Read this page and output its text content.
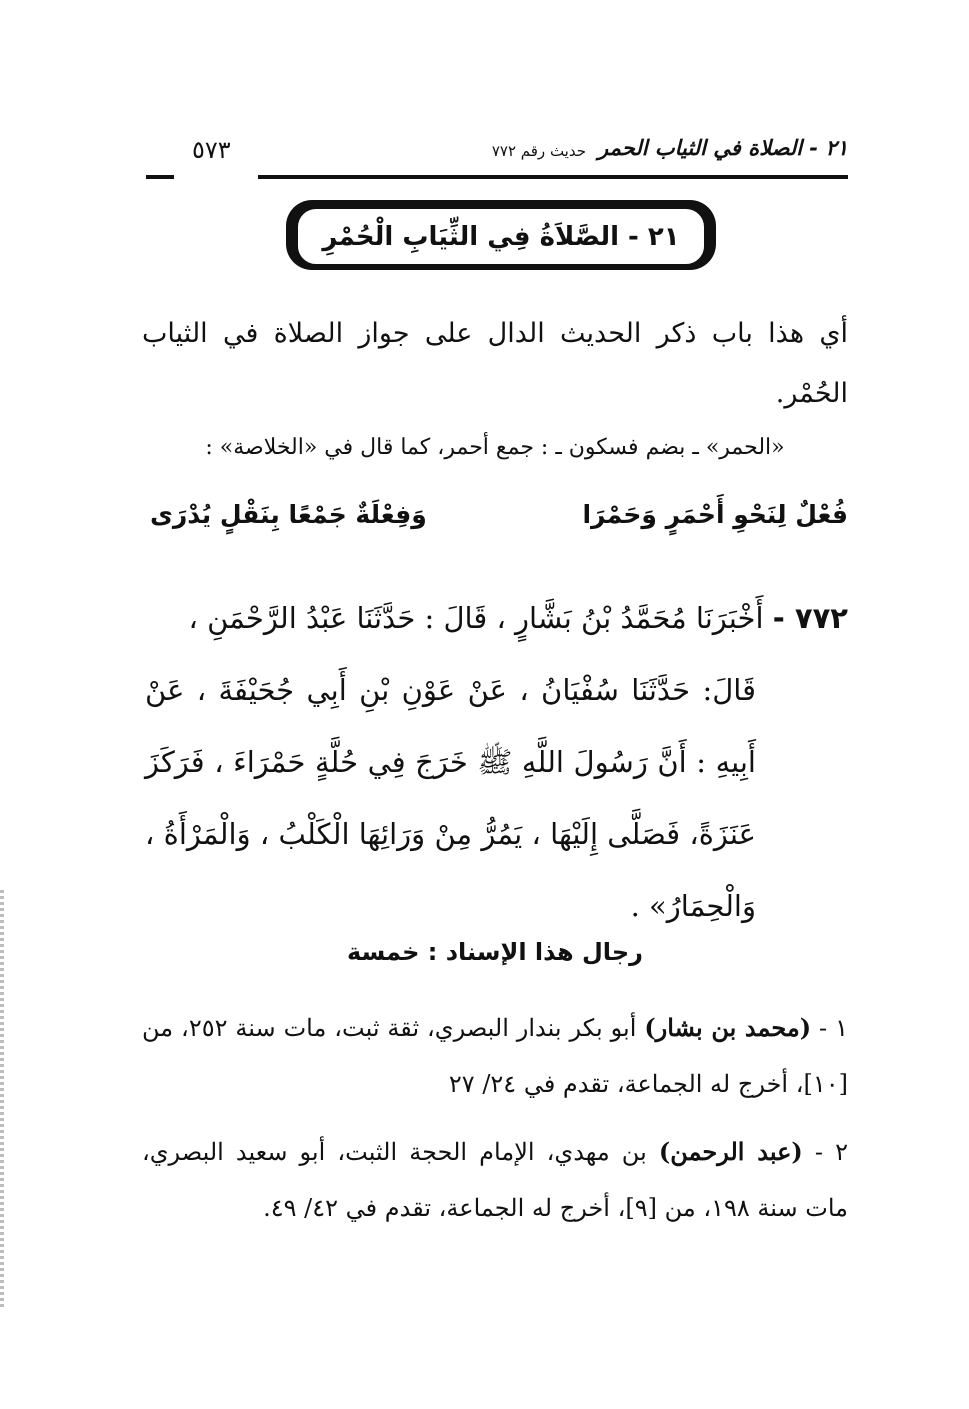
٢١ - الصلاة في الثياب الحمر
حديث رقم ٧٧٢
٥٧٣
٢١ - الصَّلاَةُ فِي الثِّيَابِ الْحُمْرِ
أي هذا باب ذكر الحديث الدال على جواز الصلاة في الثياب الحُمْر.
«الحمر» ـ بضم فسكون ـ : جمع أحمر، كما قال في «الخلاصة» :
فُعْلٌ لِنَحْوِ أَحْمَرٍ وَحَمْرَا
وَفِعْلَةٌ جَمْعًا بِنَقْلٍ يُدْرَى
٧٧٢ - أَخْبَرَنَا مُحَمَّدُ بْنُ بَشَّارٍ ، قَالَ : حَدَّثَنَا عَبْدُ الرَّحْمَنِ ،
قَالَ: حَدَّثَنَا سُفْيَانُ ، عَنْ عَوْنِ بْنِ أَبِي جُحَيْفَةَ ، عَنْ أَبِيهِ : أَنَّ رَسُولَ اللَّهِ ﷺ خَرَجَ فِي حُلَّةٍ حَمْرَاءَ ، فَرَكَزَ عَنَزَةً، فَصَلَّى إِلَيْهَا ، يَمُرُّ مِنْ وَرَائِهَا الْكَلْبُ ، وَالْمَرْأَةُ ، وَالْحِمَارُ» .
رجال هذا الإسناد : خمسة
١ - (محمد بن بشار) أبو بكر بندار البصري، ثقة ثبت، مات سنة ٢٥٢، من [١٠]، أخرج له الجماعة، تقدم في ٢٤/ ٢٧
٢ - (عبد الرحمن) بن مهدي، الإمام الحجة الثبت، أبو سعيد البصري، مات سنة ١٩٨، من [٩]، أخرج له الجماعة، تقدم في ٤٢/ ٤٩.
